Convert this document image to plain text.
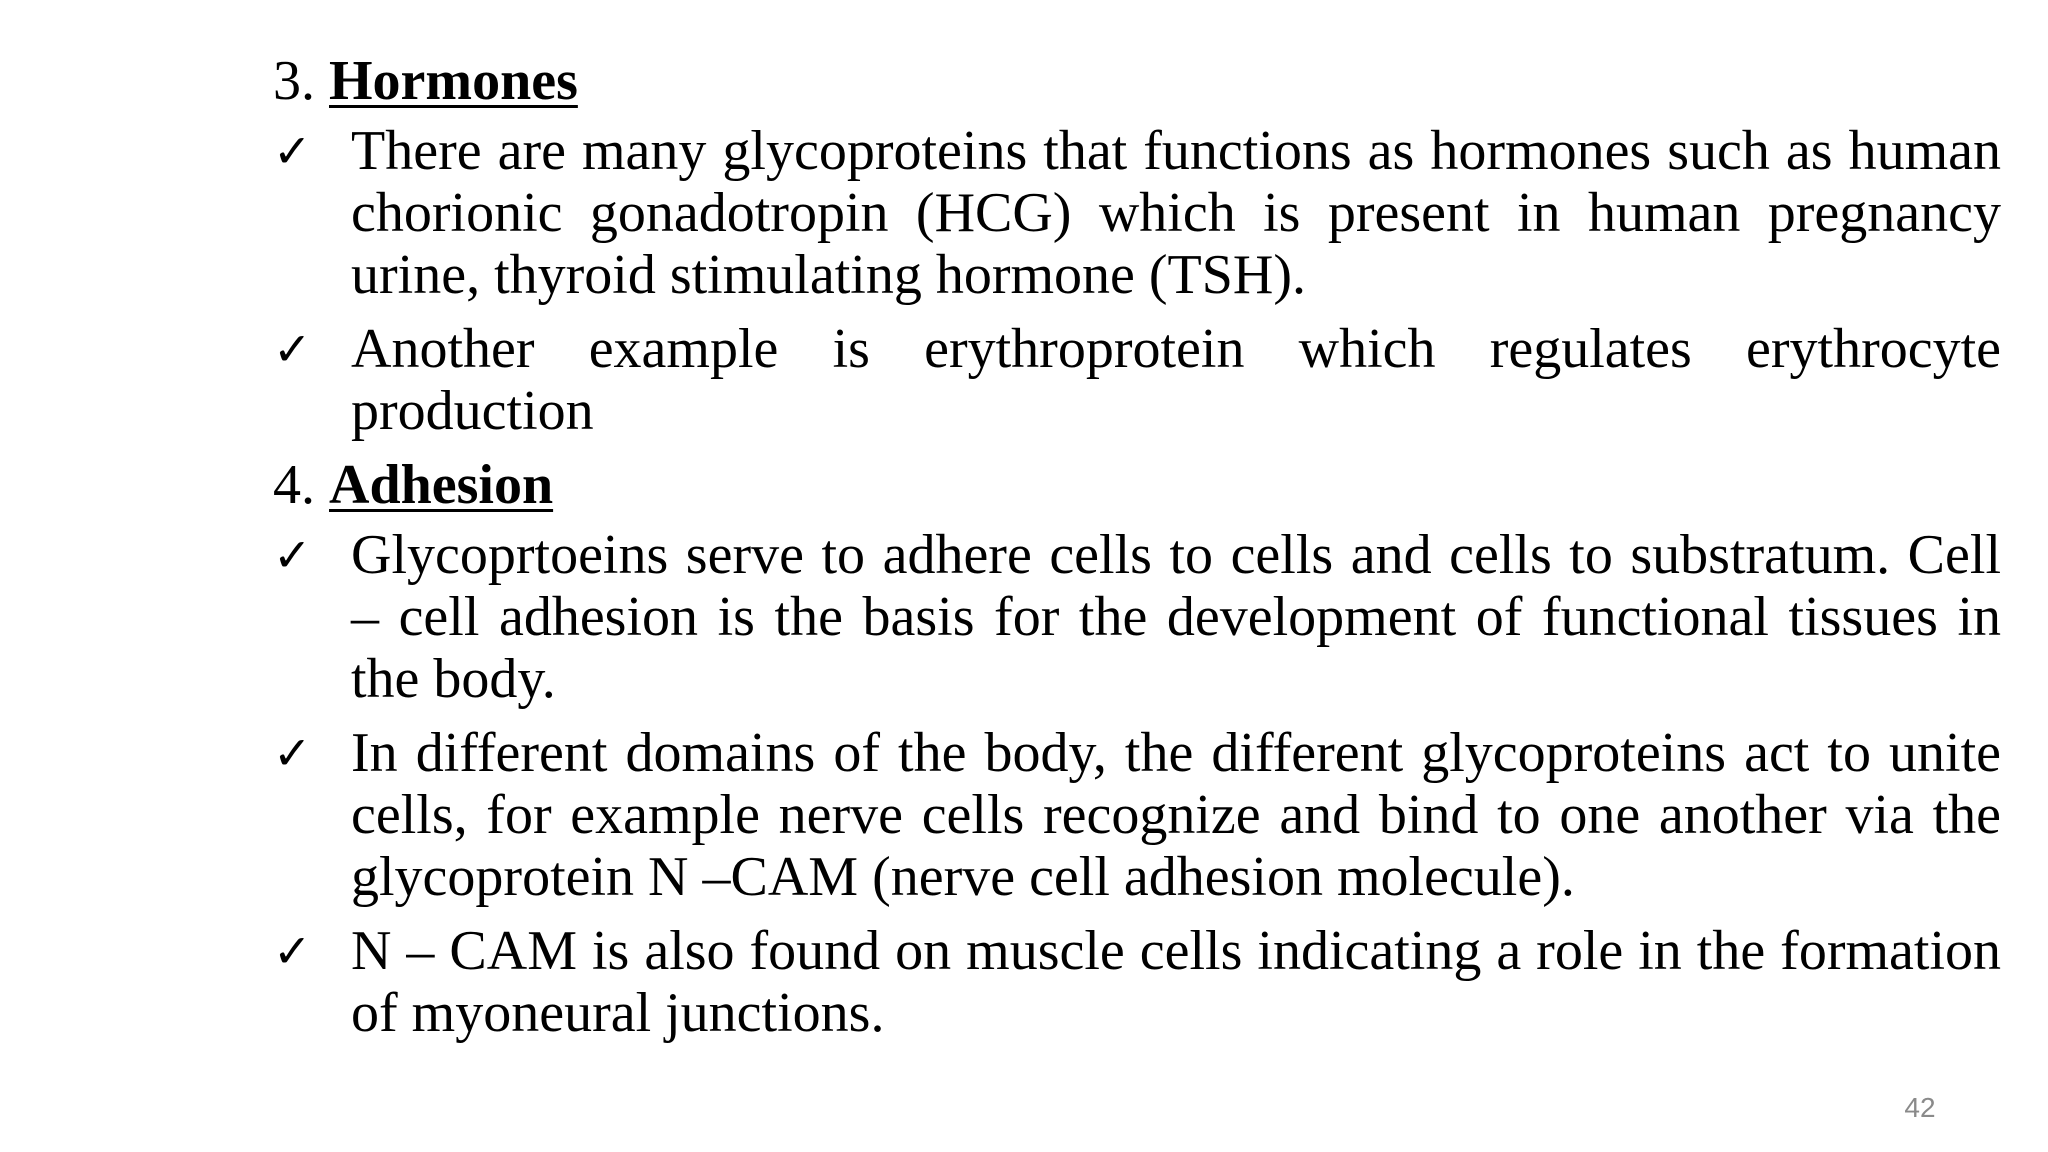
3. Hormones
✓ There are many glycoproteins that functions as hormones such as human chorionic gonadotropin (HCG) which is present in human pregnancy urine, thyroid stimulating hormone (TSH).
✓ Another example is erythroprotein which regulates erythrocyte production
4. Adhesion
✓ Glycoprtoeins serve to adhere cells to cells and cells to substratum. Cell – cell adhesion is the basis for the development of functional tissues in the body.
✓ In different domains of the body, the different glycoproteins act to unite cells, for example nerve cells recognize and bind to one another via the glycoprotein N –CAM (nerve cell adhesion molecule).
✓ N – CAM is also found on muscle cells indicating a role in the formation of myoneural junctions.
42
